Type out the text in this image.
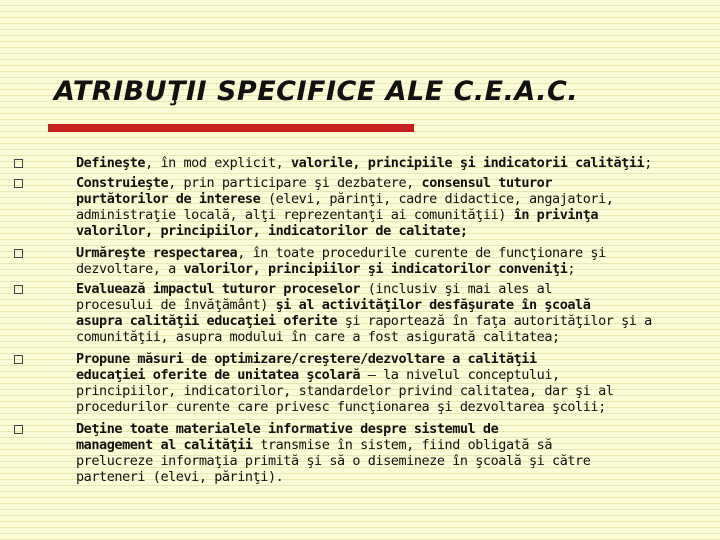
ATRIBUŢII SPECIFICE ALE C.E.A.C.
Defineşte, în mod explicit, valorile, principiile şi indicatorii calităţii;
Construieşte, prin participare şi dezbatere, consensul tuturor
purtătorilor de interese (elevi, părinţi, cadre didactice, angajatori,
administraţie locală, alţi reprezentanţi ai comunităţii) în privinţa
valorilor, principiilor, indicatorilor de calitate;
Urmăreşte respectarea, în toate procedurile curente de funcţionare şi
dezvoltare, a valorilor, principiilor şi indicatorilor conveniţi;
Evaluează impactul tuturor proceselor (inclusiv şi mai ales al
procesului de învăţământ) şi al activităţilor desfăşurate în şcoală
asupra calităţii educaţiei oferite şi raportează în faţa autorităţilor şi a
comunităţii, asupra modului în care a fost asigurată calitatea;
Propune măsuri de optimizare/creştere/dezvoltare a calităţii
educaţiei oferite de unitatea şcolară – la nivelul conceptului,
principiilor, indicatorilor, standardelor privind calitatea, dar şi al
procedurilor curente care privesc funcţionarea şi dezvoltarea şcolii;
Deţine toate materialele informative despre sistemul de
management al calităţii transmise în sistem, fiind obligată să
prelucreze informaţia primită şi să o disemineze în şcoală şi către
parteneri (elevi, părinţi).
